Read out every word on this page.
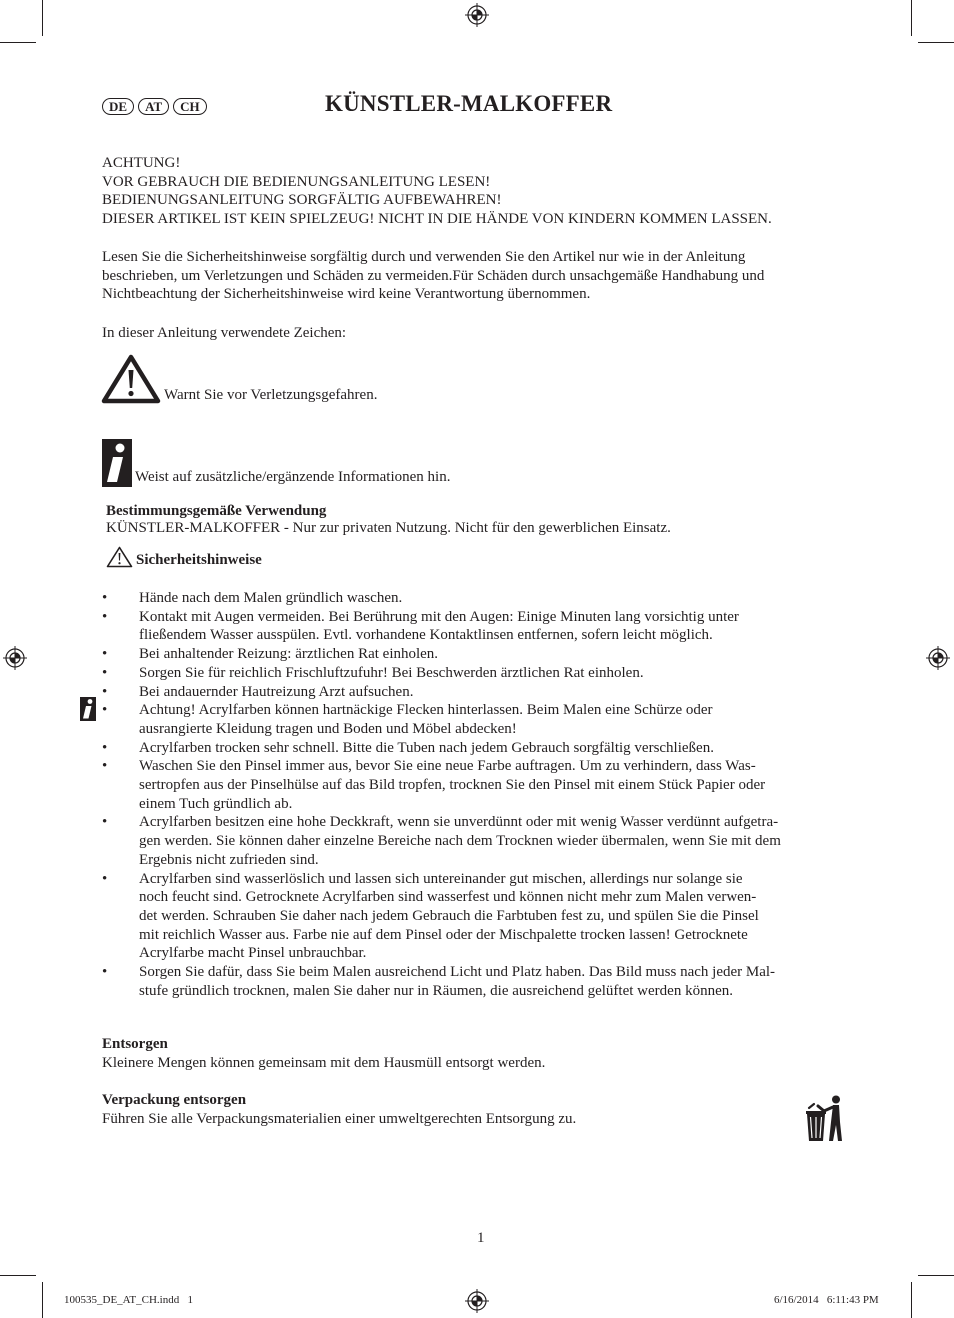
DE AT CH	KÜNSTLER-MALKOFFER
ACHTUNG!
VOR GEBRAUCH DIE BEDIENUNGSANLEITUNG LESEN!
BEDIENUNGSANLEITUNG SORGFÄLTIG AUFBEWAHREN!
DIESER ARTIKEL IST KEIN SPIELZEUG! NICHT IN DIE HÄNDE VON KINDERN KOMMEN LASSEN.
Lesen Sie die Sicherheitshinweise sorgfältig durch und verwenden Sie den Artikel nur wie in der Anleitung
beschrieben, um Verletzungen und Schäden zu vermeiden.Für Schäden durch unsachgemäße Handhabung und
Nichtbeachtung der Sicherheitshinweise wird keine Verantwortung übernommen.
In dieser Anleitung verwendete Zeichen:
Warnt Sie vor Verletzungsgefahren.
Weist auf zusätzliche/ergänzende Informationen hin.
Bestimmungsgemäße Verwendung
KÜNSTLER-MALKOFFER - Nur zur privaten Nutzung. Nicht für den gewerblichen Einsatz.
Sicherheitshinweise
• Hände nach dem Malen gründlich waschen.
• Kontakt mit Augen vermeiden. Bei Berührung mit den Augen: Einige Minuten lang vorsichtig unter
fließendem Wasser ausspülen. Evtl. vorhandene Kontaktlinsen entfernen, sofern leicht möglich.
• Bei anhaltender Reizung: ärztlichen Rat einholen.
• Sorgen Sie für reichlich Frischluftzufuhr! Bei Beschwerden ärztlichen Rat einholen.
• Bei andauernder Hautreizung Arzt aufsuchen.
• Achtung! Acrylfarben können hartnäckige Flecken hinterlassen. Beim Malen eine Schürze oder
ausrangierte Kleidung tragen und Boden und Möbel abdecken!
• Acrylfarben trocken sehr schnell. Bitte die Tuben nach jedem Gebrauch sorgfältig verschließen.
• Waschen Sie den Pinsel immer aus, bevor Sie eine neue Farbe auftragen. Um zu verhindern, dass Was-
sertropfen aus der Pinselhülse auf das Bild tropfen, trocknen Sie den Pinsel mit einem Stück Papier oder
einem Tuch gründlich ab.
• Acrylfarben besitzen eine hohe Deckkraft, wenn sie unverdünnt oder mit wenig Wasser verdünnt aufgetra-
gen werden. Sie können daher einzelne Bereiche nach dem Trocknen wieder übermalen, wenn Sie mit dem
Ergebnis nicht zufrieden sind.
• Acrylfarben sind wasserlöslich und lassen sich untereinander gut mischen, allerdings nur solange sie
noch feucht sind. Getrocknete Acrylfarben sind wasserfest und können nicht mehr zum Malen verwen-
det werden. Schrauben Sie daher nach jedem Gebrauch die Farbtuben fest zu, und spülen Sie die Pinsel
mit reichlich Wasser aus. Farbe nie auf dem Pinsel oder der Mischpalette trocken lassen! Getrocknete
Acrylfarbe macht Pinsel unbrauchbar.
• Sorgen Sie dafür, dass Sie beim Malen ausreichend Licht und Platz haben. Das Bild muss nach jeder Mal-
stufe gründlich trocknen, malen Sie daher nur in Räumen, die ausreichend gelüftet werden können.
Entsorgen
Kleinere Mengen können gemeinsam mit dem Hausmüll entsorgt werden.
Verpackung entsorgen
Führen Sie alle Verpackungsmaterialien einer umweltgerechten Entsorgung zu.
1
100535_DE_AT_CH.indd   1	6/16/2014   6:11:43 PM
